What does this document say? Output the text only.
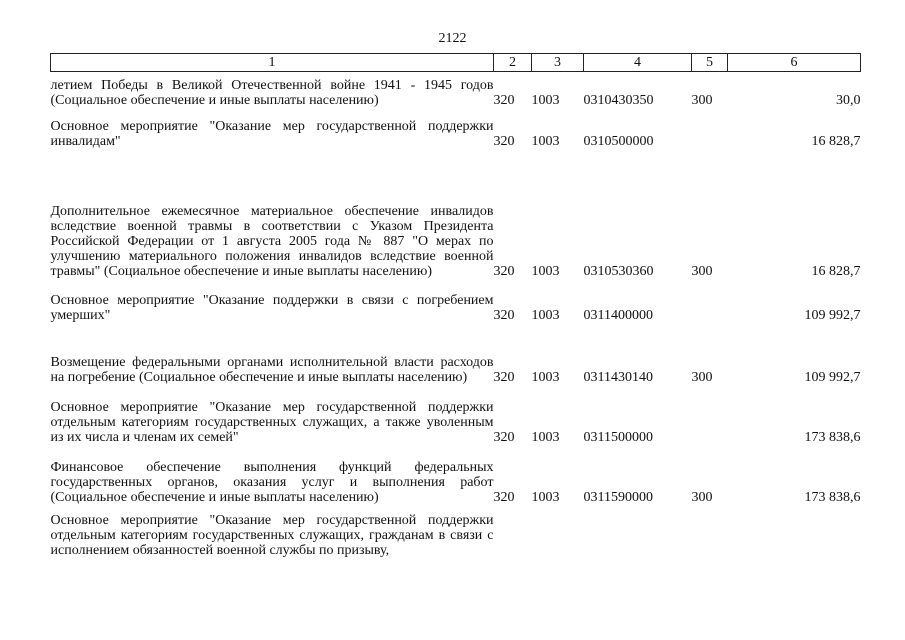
2122
1	2	3	4	5	6

летием Победы в Великой Отечественной войне 1941 - 1945 годов (Социальное обеспечение и иные выплаты населению)	320	1003	0310430350	300	30,0

Основное мероприятие "Оказание мер государственной поддержки инвалидам"	320	1003	0310500000		16 828,7

Дополнительное ежемесячное материальное обеспечение инвалидов вследствие военной травмы в соответствии с Указом Президента Российской Федерации от 1 августа 2005 года № 887 "О мерах по улучшению материального положения инвалидов вследствие военной травмы" (Социальное обеспечение и иные выплаты населению)	320	1003	0310530360	300	16 828,7

Основное мероприятие "Оказание поддержки в связи с погребением умерших"	320	1003	0311400000		109 992,7

Возмещение федеральными органами исполнительной власти расходов на погребение (Социальное обеспечение и иные выплаты населению)	320	1003	0311430140	300	109 992,7

Основное мероприятие "Оказание мер государственной поддержки отдельным категориям государственных служащих, а также уволенным из их числа и членам их семей"	320	1003	0311500000		173 838,6

Финансовое обеспечение выполнения функций федеральных государственных органов, оказания услуг и выполнения работ (Социальное обеспечение и иные выплаты населению)	320	1003	0311590000	300	173 838,6

Основное мероприятие "Оказание мер государственной поддержки отдельным категориям государственных служащих, гражданам в связи с исполнением обязанностей военной службы по призыву,					
